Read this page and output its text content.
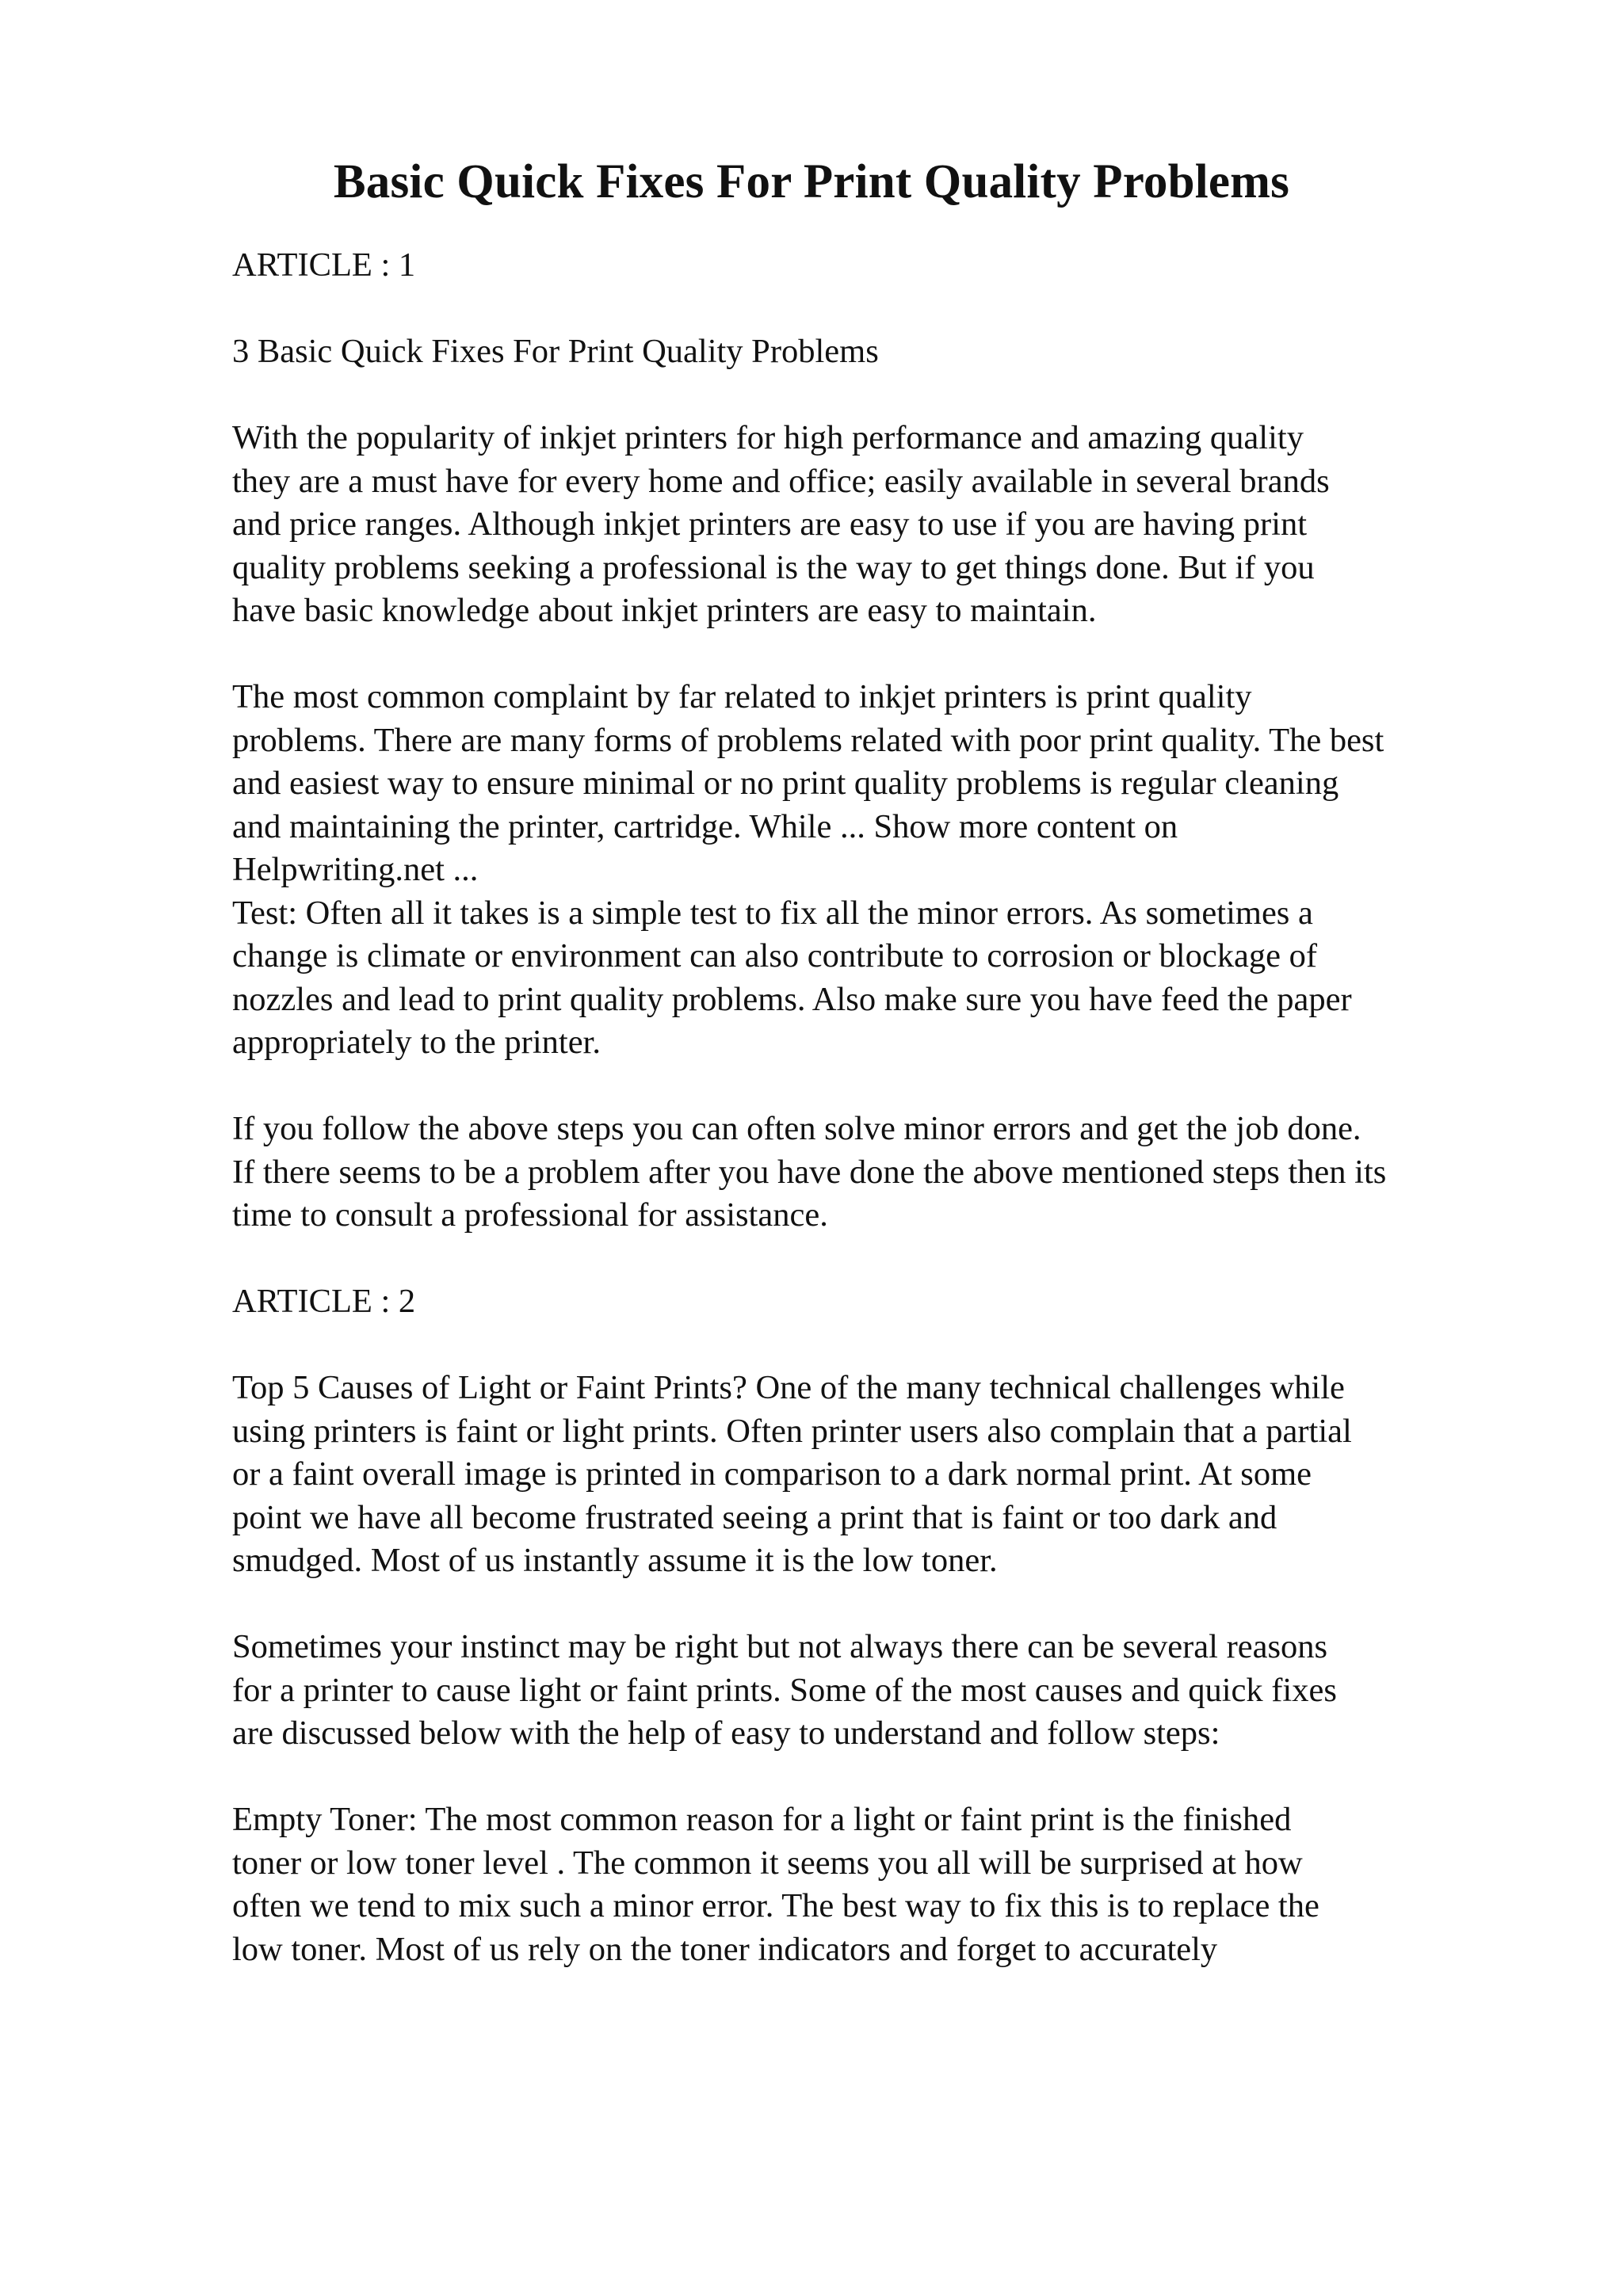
Basic Quick Fixes For Print Quality Problems

ARTICLE : 1

3 Basic Quick Fixes For Print Quality Problems

With the popularity of inkjet printers for high performance and amazing quality
they are a must have for every home and office; easily available in several brands
and price ranges. Although inkjet printers are easy to use if you are having print
quality problems seeking a professional is the way to get things done. But if you
have basic knowledge about inkjet printers are easy to maintain.

The most common complaint by far related to inkjet printers is print quality
problems. There are many forms of problems related with poor print quality. The best
and easiest way to ensure minimal or no print quality problems is regular cleaning
and maintaining the printer, cartridge. While ... Show more content on
Helpwriting.net ...

Test: Often all it takes is a simple test to fix all the minor errors. As sometimes a
change is climate or environment can also contribute to corrosion or blockage of
nozzles and lead to print quality problems. Also make sure you have feed the paper
appropriately to the printer.

If you follow the above steps you can often solve minor errors and get the job done.
If there seems to be a problem after you have done the above mentioned steps then its
time to consult a professional for assistance.

ARTICLE : 2

Top 5 Causes of Light or Faint Prints? One of the many technical challenges while
using printers is faint or light prints. Often printer users also complain that a partial
or a faint overall image is printed in comparison to a dark normal print. At some
point we have all become frustrated seeing a print that is faint or too dark and
smudged. Most of us instantly assume it is the low toner.

Sometimes your instinct may be right but not always there can be several reasons
for a printer to cause light or faint prints. Some of the most causes and quick fixes
are discussed below with the help of easy to understand and follow steps:

Empty Toner: The most common reason for a light or faint print is the finished
toner or low toner level . The common it seems you all will be surprised at how
often we tend to mix such a minor error. The best way to fix this is to replace the
low toner. Most of us rely on the toner indicators and forget to accurately
